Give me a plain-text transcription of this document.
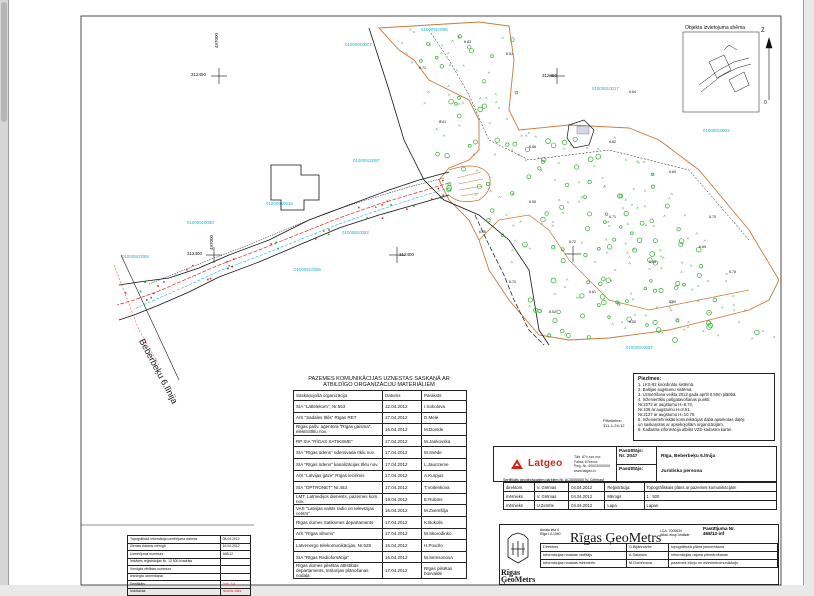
Objekta izvietojuma shēma	Z
0
312450
497000
312400
497000
312400
312450
01000910007
01000910086
01000910017
01000910032
01000910097
01000910018
01000910080
01000910052
01000910055
01000910089
01000910057
Beberbeķu 6.līnija
6.83
6.51
6.71
6.64
6.69
6.55
6.71	6.75
6.72
6.63
6.78
6.70
6.61
6.59
6.52
6.95
6.41
6.82
6.69
6.50
6.66
PAZEMES KOMUNIKĀCIJAS UZNESTAS SASKAŅĀ AR ATBILDĪGO ORGANIZĀCIJU MATERIĀLIEM
Saskaņojošā organizācija	Datums	Paraksts
SIA "Lattelekom", Nr.553	12.04.2012	I.Sokolova
A/S "Sadales tīkls" Rīgas RET	17.04.2012	D.Mele
Rīgas pašv. aģentūra "Rīgas gaisma", elektrotīklu nov.	16.04.2012	M.Dovīde
RP SIA "RĪGAS SATIKSME"	17.04.2012	M.Jankovska
SIA "Rīgas ūdens" ūdensvada tīklu nov.	17.04.2012	M.Svēde
SIA "Rīgas ūdens" kanalizācijas tīklu nov.	17.04.2012	L.Jaunzeme
A/S "Latvijas gāze" Rīgas iecirknis	17.04.2012	A.Kurpjos
SIA "OPTRONET" Nr.453	17.04.2012	T.Voitenkova
LMT, Latmedijos dienests, pazemes kom. nov.	19.04.2012	E.Rubīns
VAS "Latvijas valsts radio un televīzijas centrs"	16.04.2012	M.Zvemšilja
Rīgas domes Satiksmes departaments	17.04.2012	K.Bokolis
A/S "Rīgas siltums"	17.04.2012	M.Skorodinko
Latvenergo telekomunikācijas, Nr.528	16.04.2012	H.Povdro
SIA "Rīgas Radioforsācija"	16.04.2012	M.Semsonova
Rīgas domes pilsētas attīstības departaments, teritorijas plānošanas nodaļa	17.04.2012	Rīgas pilsētas būvvalde
Piezīmes:
1. LKS-92 koordinātu sistēmā.
2. Baltijas augstumu sistēmā.
3. Uzmērīšana veikta 2012.gada aprīlī 0.50m plātībā.
4. Inženiertīklu pašgatavošanas punkti:
Nr.2272 ar augstumu H=6.74,
Nr.106 ar augstumu H=8.51,
Nr.2127 ar augstumu H=10.70.
5. Inženiertehniskās komunikācijas dabā apsekotas daļēji
un saskaņotas ar apsekojošām organizācijām.
6. Kadastra informācija atbilst VZD kadastra kartei.
Plānšetes:
311-1-24-12
Latgeo
Tālr. 67x.xxx.xxx
Fakss 67xxxxx
Reģ. Nr. 40003000000
www.latgeo.lv
Pasūtītājs:
Nr. 2047	Rīga, Beberbeķu 6.līnija
Pasūtītājs:	Juridiska persona
Sertifikāts ģeodēziskajiem darbiem Nr. AC0000000 (V. Grēmas)
direktors	V. Grēmas	04.04.2012	Reģistrācija:	Topogrāfiskais plāns ar pazemes komunikācijām
mērnieks	V. Grēmas	04.04.2012	Mērogs	1 : 500
mērnieks	U.Zemīte	04.04.2012	Lapa	Lapas
Rīgas
ĢeoMetrs
Amatu iela 4 Rīga LV-1050 Rīgas ĢeoMetrs
Pasūtījuma Nr.
468/12-inf
LĢA. 7000634
Atkal. eksp. iestāde
Direktors	O.Bijārinovīte	topogrāfiskā plāna pieņemšana
Informācijas nodaļas vadītājs	A.Sakņščs	informācijas rajona piemērošanas
Informācijas nodaļas inženieris	M.Gorbūnova	pazemes būvju un inženierkomunikāciju
Topogrāfiskā informācija uzmērījuma datums	08.04.2012
Ziemas datums mērogā	16.04.2012
Uzmērījuma nummurs	468/12
Iestādes reģistrācijas Nr. 12 500 kvadrāts	
Vienīgās vērtības nummurs	
Iesniegta uzņemšanai	
Sertifikāts	Dnb. 6.jl
Izdošanas	Nodots vāks
